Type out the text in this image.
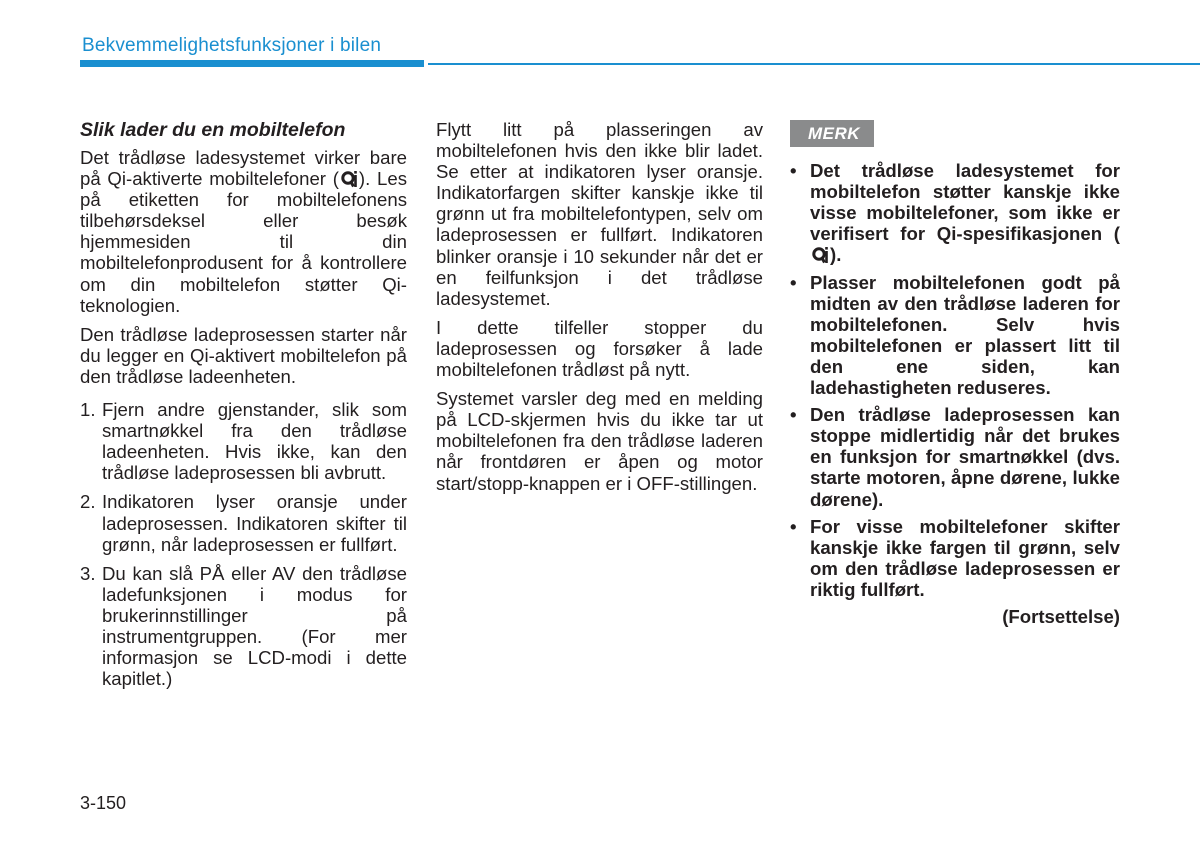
Bekvemmelighetsfunksjoner i bilen
Slik lader du en mobiltelefon

Det trådløse ladesystemet virker bare på Qi-aktiverte mobiltelefoner ( ). Les på etiketten for mobiltelefonens tilbehørsdeksel eller besøk hjemmesiden til din mobiltelefonprodusent for å kontrollere om din mobiltelefon støtter Qi-teknologien.

Den trådløse ladeprosessen starter når du legger en Qi-aktivert mobiltelefon på den trådløse ladeenheten.

1. Fjern andre gjenstander, slik som smartnøkkel fra den trådløse ladeenheten. Hvis ikke, kan den trådløse ladeprosessen bli avbrutt.
2. Indikatoren lyser oransje under ladeprosessen. Indikatoren skifter til grønn, når ladeprosessen er fullført.
3. Du kan slå PÅ eller AV den trådløse ladefunksjonen i modus for brukerinnstillinger på instrumentgruppen. (For mer informasjon se LCD-modi i dette kapitlet.)

Flytt litt på plasseringen av mobiltelefonen hvis den ikke blir ladet. Se etter at indikatoren lyser oransje. Indikatorfargen skifter kanskje ikke til grønn ut fra mobiltelefontypen, selv om ladeprosessen er fullført. Indikatoren blinker oransje i 10 sekunder når det er en feilfunksjon i det trådløse ladesystemet.

I dette tilfeller stopper du ladeprosessen og forsøker å lade mobiltelefonen trådløst på nytt.

Systemet varsler deg med en melding på LCD-skjermen hvis du ikke tar ut mobiltelefonen fra den trådløse laderen når frontdøren er åpen og motor start/stopp-knappen er i OFF-stillingen.

MERK
• Det trådløse ladesystemet for mobiltelefon støtter kanskje ikke visse mobiltelefoner, som ikke er verifisert for Qi-spesifikasjonen ().
• Plasser mobiltelefonen godt på midten av den trådløse laderen for mobiltelefonen. Selv hvis mobiltelefonen er plassert litt til den ene siden, kan ladehastigheten reduseres.
• Den trådløse ladeprosessen kan stoppe midlertidig når det brukes en funksjon for smartnøkkel (dvs. starte motoren, åpne dørene, lukke dørene).
• For visse mobiltelefoner skifter kanskje ikke fargen til grønn, selv om den trådløse ladeprosessen er riktig fullført.
(Fortsettelse)
3-150
